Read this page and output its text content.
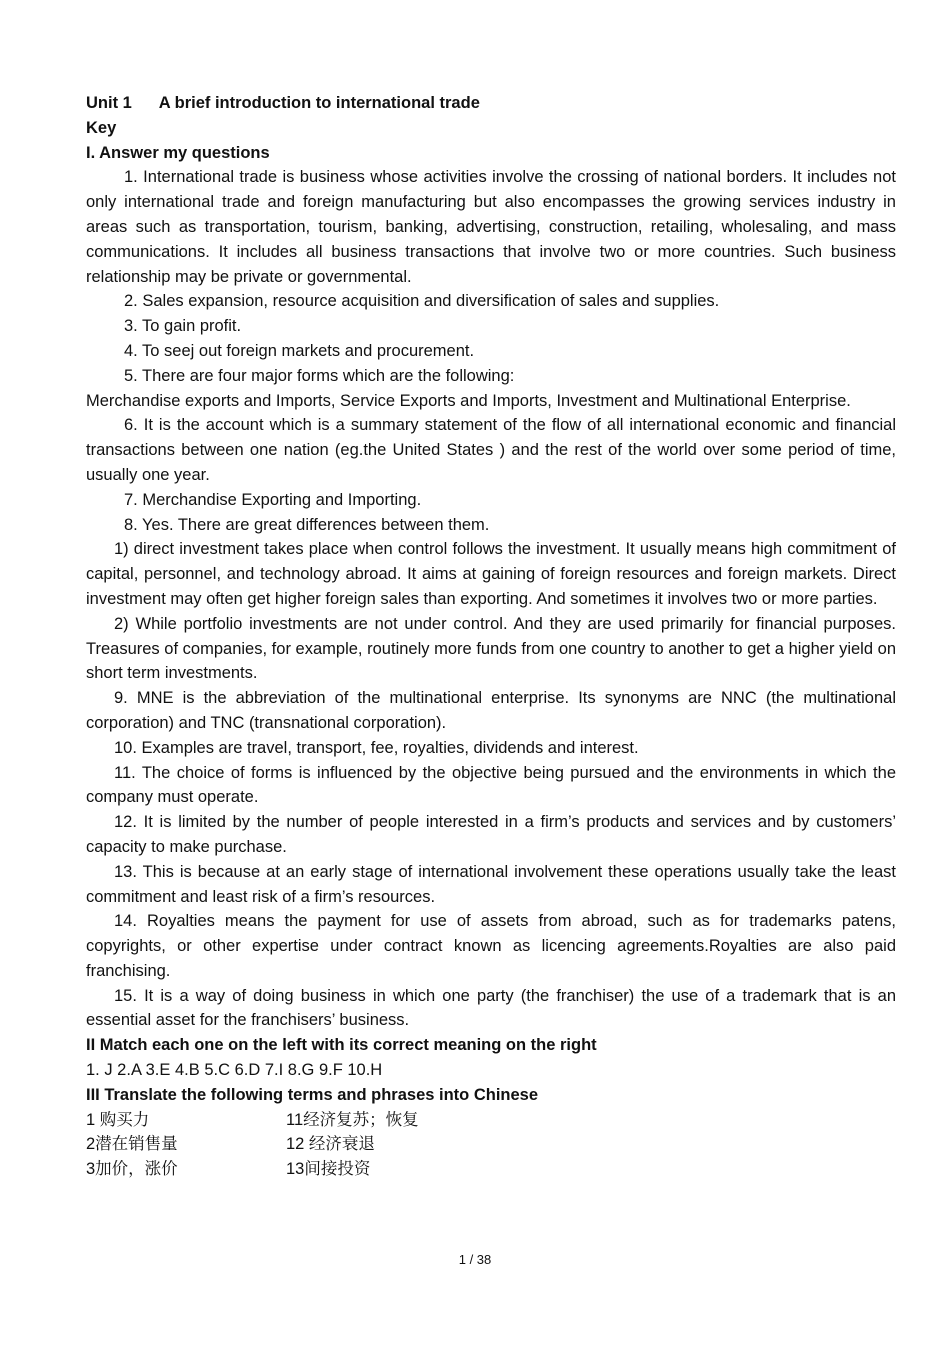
Unit 1      A brief introduction to international trade
Key
I. Answer my questions

1. International trade is business whose activities involve the crossing of national borders. It includes not only international trade and foreign manufacturing but also encompasses the growing services industry in areas such as transportation, tourism, banking, advertising, construction, retailing, wholesaling, and mass communications. It includes all business transactions that involve two or more countries. Such business relationship may be private or governmental.

2. Sales expansion, resource acquisition and diversification of sales and supplies.

3. To gain profit.

4. To seej out foreign markets and procurement.

5. There are four major forms which are the following:

Merchandise exports and Imports, Service Exports and Imports, Investment and Multinational Enterprise.

6. It is the account which is a summary statement of the flow of all international economic and financial transactions between one nation (eg.the United States ) and the rest of the world over some period of time, usually one year.

7. Merchandise Exporting and Importing.

8. Yes. There are great differences between them.

1) direct investment takes place when control follows the investment. It usually means high commitment of capital, personnel, and technology abroad. It aims at gaining of foreign resources and foreign markets. Direct investment may often get higher foreign sales than exporting. And sometimes it involves two or more parties.

2) While portfolio investments are not under control. And they are used primarily for financial purposes. Treasures of companies, for example, routinely more funds from one country to another to get a higher yield on short term investments.

9. MNE is the abbreviation of the multinational enterprise. Its synonyms are NNC (the multinational corporation) and TNC (transnational corporation).

10. Examples are travel, transport, fee, royalties, dividends and interest.

11. The choice of forms is influenced by the objective being pursued and the environments in which the company must operate.

12. It is limited by the number of people interested in a firm’s products and services and by customers’ capacity to make purchase.

13. This is because at an early stage of international involvement these operations usually take the least commitment and least risk of a firm’s resources.

14. Royalties means the payment for use of assets from abroad, such as for trademarks patens, copyrights, or other expertise under contract known as licencing agreements.Royalties are also paid franchising.

15. It is a way of doing business in which one party (the franchiser) the use of a trademark that is an essential asset for the franchisers’ business.

II Match each one on the left with its correct meaning on the right
1. J 2.A 3.E 4.B 5.C 6.D 7.I 8.G 9.F 10.H
III Translate the following terms and phrases into Chinese
1 购买力	11经济复苏；恢复
2潜在销售量	12 经济衰退
3加价，涨价	13间接投资
1 / 38
